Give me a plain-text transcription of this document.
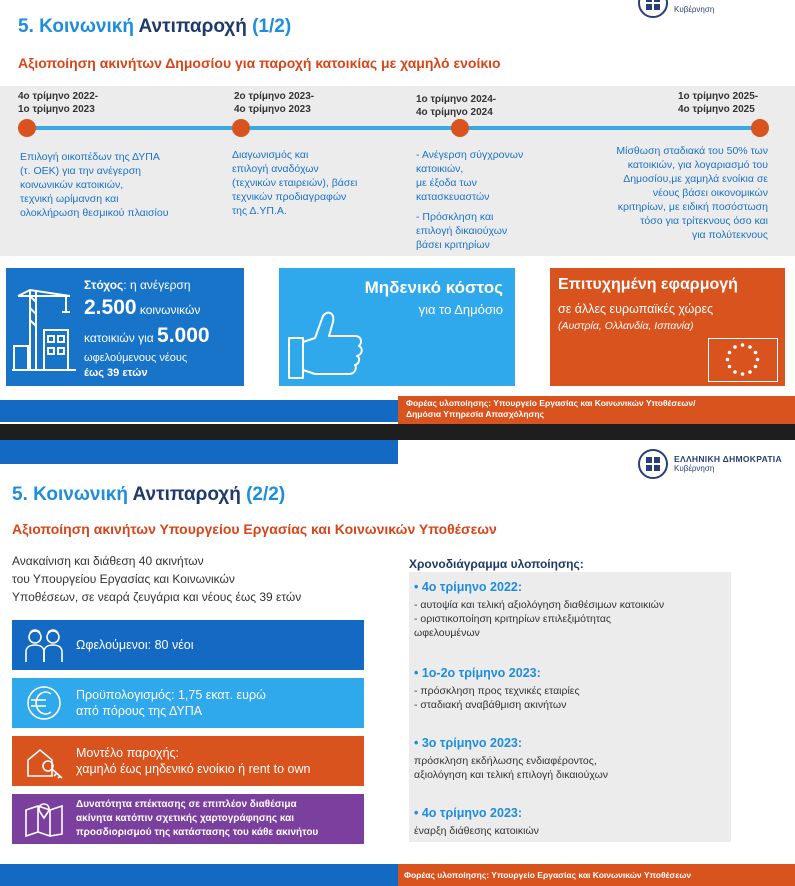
Κυβέρνηση
5. Κοινωνική Αντιπαροχή (1/2)
Αξιοποίηση ακινήτων Δημοσίου για παροχή κατοικίας με χαμηλό ενοίκιο
4ο τρίμηνο 2022-
1ο τρίμηνο 2023
2ο τρίμηνο 2023-
4ο τρίμηνο 2023
1ο τρίμηνο 2024-
4ο τρίμηνο 2024
1ο τρίμηνο 2025-
4ο τρίμηνο 2025
Επιλογή οικοπέδων της ΔΥΠΑ
(τ. ΟΕΚ) για την ανέγερση
κοινωνικών κατοικιών,
τεχνική ωρίμανση και
ολοκλήρωση θεσμικού πλαισίου
Διαγωνισμός και
επιλογή αναδόχων
(τεχνικών εταιρειών), βάσει
τεχνικών προδιαγραφών
της Δ.ΥΠ.Α.
- Ανέγερση σύγχρονων
κατοικιών,
με έξοδα των
κατασκευαστών
- Πρόσκληση και
επιλογή δικαιούχων
βάσει κριτηρίων
Μίσθωση σταδιακά του 50% των
κατοικιών, για λογαριασμό του
Δημοσίου,με χαμηλά ενοίκια σε
νέους βάσει οικονομικών
κριτηρίων, με ειδική ποσόστωση
τόσο για τρίτεκνους όσο και
για πολύτεκνους
Στόχος: η ανέγερση
2.500 κοινωνικών
κατοικιών για 5.000
ωφελούμενους νέους
έως 39 ετών
Μηδενικό κόστος
για το Δημόσιο
Επιτυχημένη εφαρμογή
σε άλλες ευρωπαϊκές χώρες
(Αυστρία, Ολλανδία, Ισπανία)
Φορέας υλοποίησης: Υπουργείο Εργασίας και Κοινωνικών Υποθέσεων/
Δημόσια Υπηρεσία Απασχόλησης
ΕΛΛΗΝΙΚΗ ΔΗΜΟΚΡΑΤΙΑ
Κυβέρνηση
5. Κοινωνική Αντιπαροχή (2/2)
Αξιοποίηση ακινήτων Υπουργείου Εργασίας και Κοινωνικών Υποθέσεων
Ανακαίνιση και διάθεση 40 ακινήτων
του Υπουργείου Εργασίας και Κοινωνικών
Υποθέσεων, σε νεαρά ζευγάρια και νέους έως 39 ετών
Ωφελούμενοι: 80 νέοι
Προϋπολογισμός: 1,75 εκατ. ευρώ
από πόρους της ΔΥΠΑ
Μοντέλο παροχής:
χαμηλό έως μηδενικό ενοίκιο ή rent to own
Δυνατότητα επέκτασης σε επιπλέον διαθέσιμα
ακίνητα κατόπιν σχετικής χαρτογράφησης και
προσδιορισμού της κατάστασης του κάθε ακινήτου
Χρονοδιάγραμμα υλοποίησης:
• 4ο τρίμηνο 2022:
- αυτοψία και τελική αξιολόγηση διαθέσιμων κατοικιών
- οριστικοποίηση κριτηρίων επιλεξιμότητας
ωφελουμένων
• 1ο-2ο τρίμηνο 2023:
- πρόσκληση προς τεχνικές εταιρίες
- σταδιακή αναβάθμιση ακινήτων
• 3ο τρίμηνο 2023:
πρόσκληση εκδήλωσης ενδιαφέροντος,
αξιολόγηση και τελική επιλογή δικαιούχων
• 4ο τρίμηνο 2023:
έναρξη διάθεσης κατοικιών
Φορέας υλοποίησης: Υπουργείο Εργασίας και Κοινωνικών Υποθέσεων
